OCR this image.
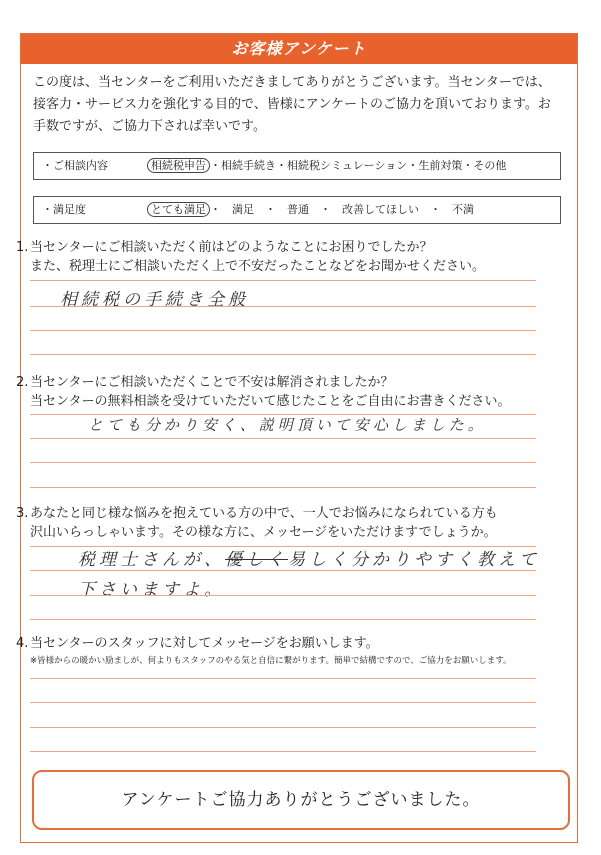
お客様アンケート
この度は、当センターをご利用いただきましてありがとうございます。当センターでは、接客力・サービス力を強化する目的で、皆様にアンケートのご協力を頂いております。お手数ですが、ご協力下されば幸いです。
・ご相談内容	相続税申告 ・相続手続き・相続税シミュレーション・生前対策・その他
・満足度	とても満足 ・　満足　・　普通　・　改善してほしい　・　不満
1. 当センターにご相談いただく前はどのようなことにお困りでしたか？
また、税理士にご相談いただく上で不安だったことなどをお聞かせください。
相続税の手続き全般
2. 当センターにご相談いただくことで不安は解消されましたか？
当センターの無料相談を受けていただいて感じたことをご自由にお書きください。
とても分かり安く、説明頂いて安心しました。
3. あなたと同じ様な悩みを抱えている方の中で、一人でお悩みになられている方も
沢山いらっしゃいます。その様な方に、メッセージをいただけますでしょうか。
税理士さんが、優しく易しく分かりやすく教えて
下さいますよ。
4. 当センターのスタッフに対してメッセージをお願いします。
※皆様からの暖かい励ましが、何よりもスタッフのやる気と自信に繋がります。簡単で結構ですので、ご協力をお願いします。
アンケートご協力ありがとうございました。
